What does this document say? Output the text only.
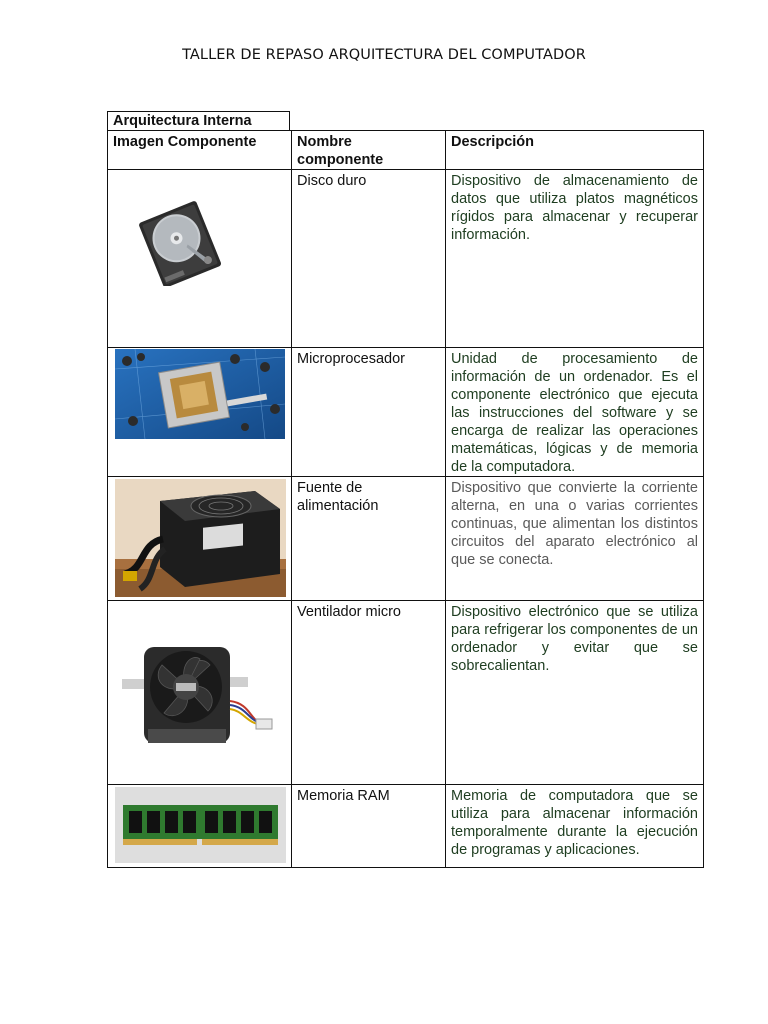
TALLER DE REPASO ARQUITECTURA DEL COMPUTADOR
Arquitectura Interna
Imagen Componente	Nombre componente	Descripción

	Disco duro	Dispositivo de almacenamiento de datos que utiliza platos magnéticos rígidos para almacenar y recuperar información.

	Microprocesador	Unidad de procesamiento de información de un ordenador. Es el componente electrónico que ejecuta las instrucciones del software y se encarga de realizar las operaciones matemáticas, lógicas y de memoria de la computadora.

	Fuente de alimentación	Dispositivo que convierte la corriente alterna, en una o varias corrientes continuas, que alimentan los distintos circuitos del aparato electrónico al que se conecta.

	Ventilador micro	Dispositivo electrónico que se utiliza para refrigerar los componentes de un ordenador y evitar que se sobrecalientan.

	Memoria RAM	Memoria de computadora que se utiliza para almacenar información temporalmente durante la ejecución de programas y aplicaciones.
